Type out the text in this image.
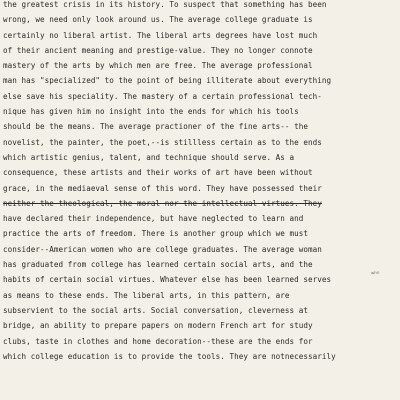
the greatest crisis in its history. To suspect that something has been
wrong, we need only look around us. The average college graduate is
certainly no liberal artist. The liberal arts degrees have lost much
of their ancient meaning and prestige-value. They no longer connote
mastery of the arts by which men are free. The average professional
man has "specialized" to the point of being illiterate about everything
else save his speciality. The mastery of a certain professional tech-
nique has given him no insight into the ends for which his tools
should be the means. The average practioner of the fine arts-- the
novelist, the painter, the poet,--is stillless certain as to the ends
which artistic genius, talent, and technique should serve. As a
consequence, these artists and their works of art have been without
grace, in the mediaeval sense of this word. They have possessed their
neither the theological, the moral nor the intellectual virtues. They
have declared their independence, but have neglected to learn and
practice the arts of freedom. There is another group which we must
consider--American women who are college graduates. The average woman
has graduated from college has learned certain social arts, and the
habits of certain social virtues. Whatever else has been learned serves
as means to these ends. The liberal arts, in this pattern, are
subservient to the social arts. Social conversation, cleverness at
bridge, an ability to prepare papers on modern French art for study
clubs, taste in clothes and home decoration--these are the ends for
which college education is to provide the tools. They are notnecessarily
who
